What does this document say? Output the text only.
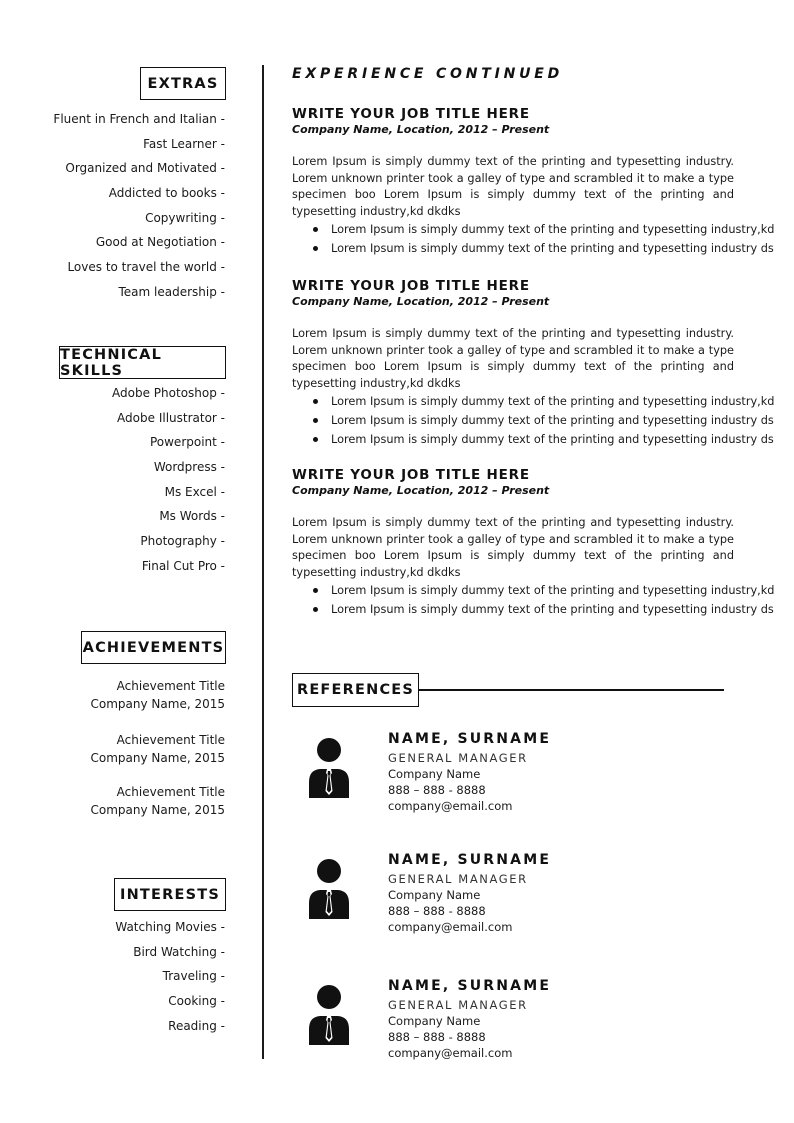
EXTRAS
Fluent in French and Italian -
Fast Learner -
Organized and Motivated -
Addicted to books -
Copywriting -
Good at Negotiation -
Loves to travel the world -
Team leadership -
TECHNICAL SKILLS
Adobe Photoshop -
Adobe Illustrator -
Powerpoint -
Wordpress -
Ms Excel -
Ms Words -
Photography -
Final Cut Pro -
ACHIEVEMENTS
Achievement Title
Company Name, 2015
Achievement Title
Company Name, 2015
Achievement Title
Company Name, 2015
INTERESTS
Watching Movies -
Bird Watching -
Traveling -
Cooking -
Reading -
EXPERIENCE CONTINUED
WRITE YOUR JOB TITLE HERE
Company Name, Location, 2012 – Present
Lorem Ipsum is simply dummy text of the printing and typesetting industry. Lorem unknown printer took a galley of type and scrambled it to make a type specimen boo Lorem Ipsum is simply dummy text of the printing and typesetting industry,kd dkdks
Lorem Ipsum is simply dummy text of the printing and typesetting industry,kd
Lorem Ipsum is simply dummy text of the printing and typesetting industry ds
WRITE YOUR JOB TITLE HERE
Company Name, Location, 2012 – Present
Lorem Ipsum is simply dummy text of the printing and typesetting industry. Lorem unknown printer took a galley of type and scrambled it to make a type specimen boo Lorem Ipsum is simply dummy text of the printing and typesetting industry,kd dkdks
Lorem Ipsum is simply dummy text of the printing and typesetting industry,kd
Lorem Ipsum is simply dummy text of the printing and typesetting industry ds
Lorem Ipsum is simply dummy text of the printing and typesetting industry ds
WRITE YOUR JOB TITLE HERE
Company Name, Location, 2012 – Present
Lorem Ipsum is simply dummy text of the printing and typesetting industry. Lorem unknown printer took a galley of type and scrambled it to make a type specimen boo Lorem Ipsum is simply dummy text of the printing and typesetting industry,kd dkdks
Lorem Ipsum is simply dummy text of the printing and typesetting industry,kd
Lorem Ipsum is simply dummy text of the printing and typesetting industry ds
REFERENCES
NAME, SURNAME
GENERAL MANAGER
Company Name
888 – 888 - 8888
company@email.com
NAME, SURNAME
GENERAL MANAGER
Company Name
888 – 888 - 8888
company@email.com
NAME, SURNAME
GENERAL MANAGER
Company Name
888 – 888 - 8888
company@email.com
